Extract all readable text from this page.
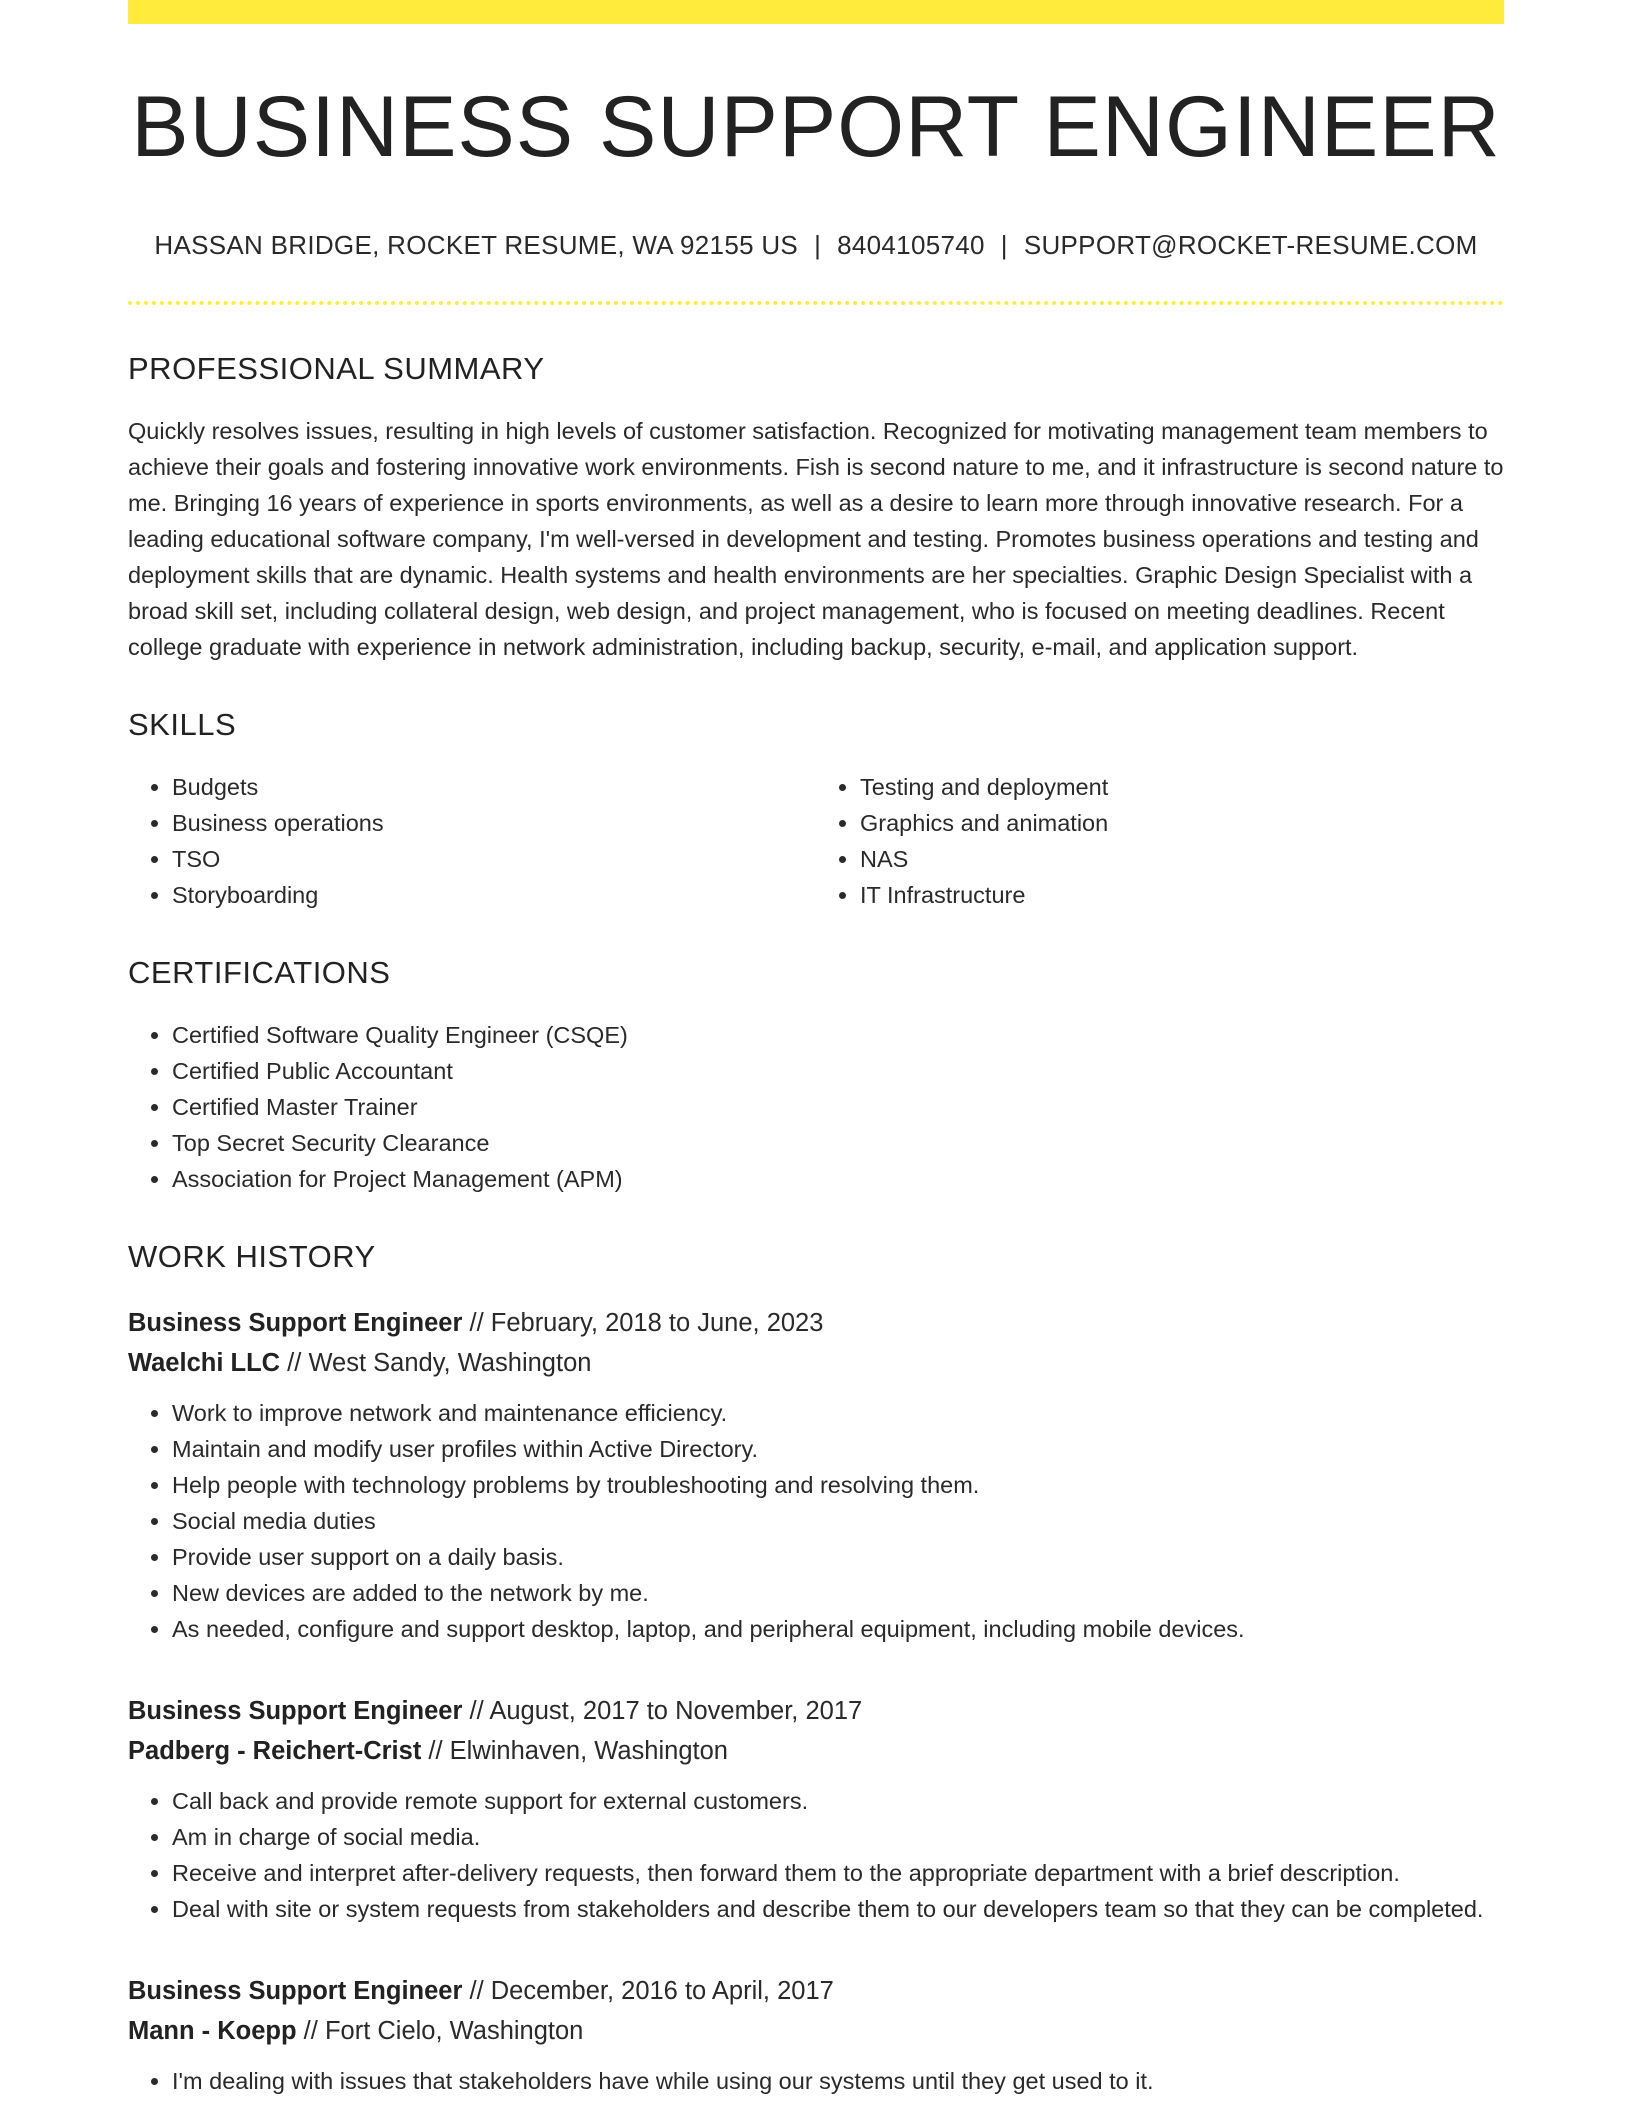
BUSINESS SUPPORT ENGINEER
HASSAN BRIDGE, ROCKET RESUME, WA 92155 US | 8404105740 | SUPPORT@ROCKET-RESUME.COM
PROFESSIONAL SUMMARY

Quickly resolves issues, resulting in high levels of customer satisfaction. Recognized for motivating management team members to achieve their goals and fostering innovative work environments. Fish is second nature to me, and it infrastructure is second nature to me. Bringing 16 years of experience in sports environments, as well as a desire to learn more through innovative research. For a leading educational software company, I'm well-versed in development and testing. Promotes business operations and testing and deployment skills that are dynamic. Health systems and health environments are her specialties. Graphic Design Specialist with a broad skill set, including collateral design, web design, and project management, who is focused on meeting deadlines. Recent college graduate with experience in network administration, including backup, security, e-mail, and application support.

SKILLS
• Budgets
• Business operations
• TSO
• Storyboarding
• Testing and deployment
• Graphics and animation
• NAS
• IT Infrastructure
CERTIFICATIONS
• Certified Software Quality Engineer (CSQE)
• Certified Public Accountant
• Certified Master Trainer
• Top Secret Security Clearance
• Association for Project Management (APM)
WORK HISTORY
Business Support Engineer // February, 2018 to June, 2023
Waelchi LLC // West Sandy, Washington
• Work to improve network and maintenance efficiency.
• Maintain and modify user profiles within Active Directory.
• Help people with technology problems by troubleshooting and resolving them.
• Social media duties
• Provide user support on a daily basis.
• New devices are added to the network by me.
• As needed, configure and support desktop, laptop, and peripheral equipment, including mobile devices.
Business Support Engineer // August, 2017 to November, 2017
Padberg - Reichert-Crist // Elwinhaven, Washington
• Call back and provide remote support for external customers.
• Am in charge of social media.
• Receive and interpret after-delivery requests, then forward them to the appropriate department with a brief description.
• Deal with site or system requests from stakeholders and describe them to our developers team so that they can be completed.
Business Support Engineer // December, 2016 to April, 2017
Mann - Koepp // Fort Cielo, Washington
• I'm dealing with issues that stakeholders have while using our systems until they get used to it.
